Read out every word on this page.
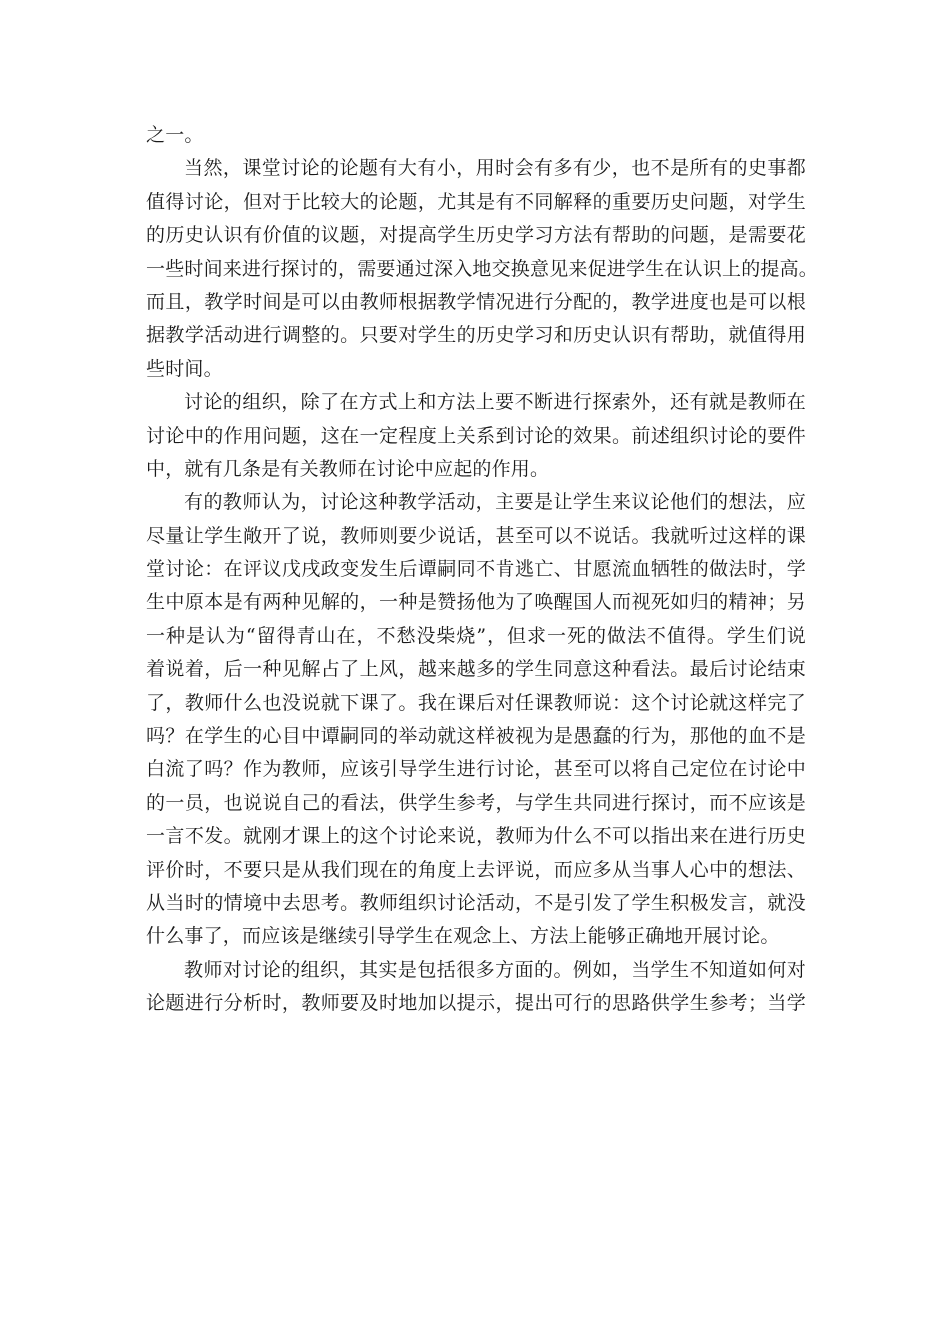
之一。
当然，课堂讨论的论题有大有小，用时会有多有少，也不是所有的史事都
值得讨论，但对于比较大的论题，尤其是有不同解释的重要历史问题，对学生
的历史认识有价值的议题，对提高学生历史学习方法有帮助的问题，是需要花
一些时间来进行探讨的，需要通过深入地交换意见来促进学生在认识上的提高。
而且，教学时间是可以由教师根据教学情况进行分配的，教学进度也是可以根
据教学活动进行调整的。只要对学生的历史学习和历史认识有帮助，就值得用
些时间。
讨论的组织，除了在方式上和方法上要不断进行探索外，还有就是教师在
讨论中的作用问题，这在一定程度上关系到讨论的效果。前述组织讨论的要件
中，就有几条是有关教师在讨论中应起的作用。
有的教师认为，讨论这种教学活动，主要是让学生来议论他们的想法，应
尽量让学生敞开了说，教师则要少说话，甚至可以不说话。我就听过这样的课
堂讨论：在评议戊戌政变发生后谭嗣同不肯逃亡、甘愿流血牺牲的做法时，学
生中原本是有两种见解的，一种是赞扬他为了唤醒国人而视死如归的精神；另
一种是认为“留得青山在，不愁没柴烧”，但求一死的做法不值得。学生们说
着说着，后一种见解占了上风，越来越多的学生同意这种看法。最后讨论结束
了，教师什么也没说就下课了。我在课后对任课教师说：这个讨论就这样完了
吗？在学生的心目中谭嗣同的举动就这样被视为是愚蠢的行为，那他的血不是
白流了吗？作为教师，应该引导学生进行讨论，甚至可以将自己定位在讨论中
的一员，也说说自己的看法，供学生参考，与学生共同进行探讨，而不应该是
一言不发。就刚才课上的这个讨论来说，教师为什么不可以指出来在进行历史
评价时，不要只是从我们现在的角度上去评说，而应多从当事人心中的想法、
从当时的情境中去思考。教师组织讨论活动，不是引发了学生积极发言，就没
什么事了，而应该是继续引导学生在观念上、方法上能够正确地开展讨论。
教师对讨论的组织，其实是包括很多方面的。例如，当学生不知道如何对
论题进行分析时，教师要及时地加以提示，提出可行的思路供学生参考；当学
